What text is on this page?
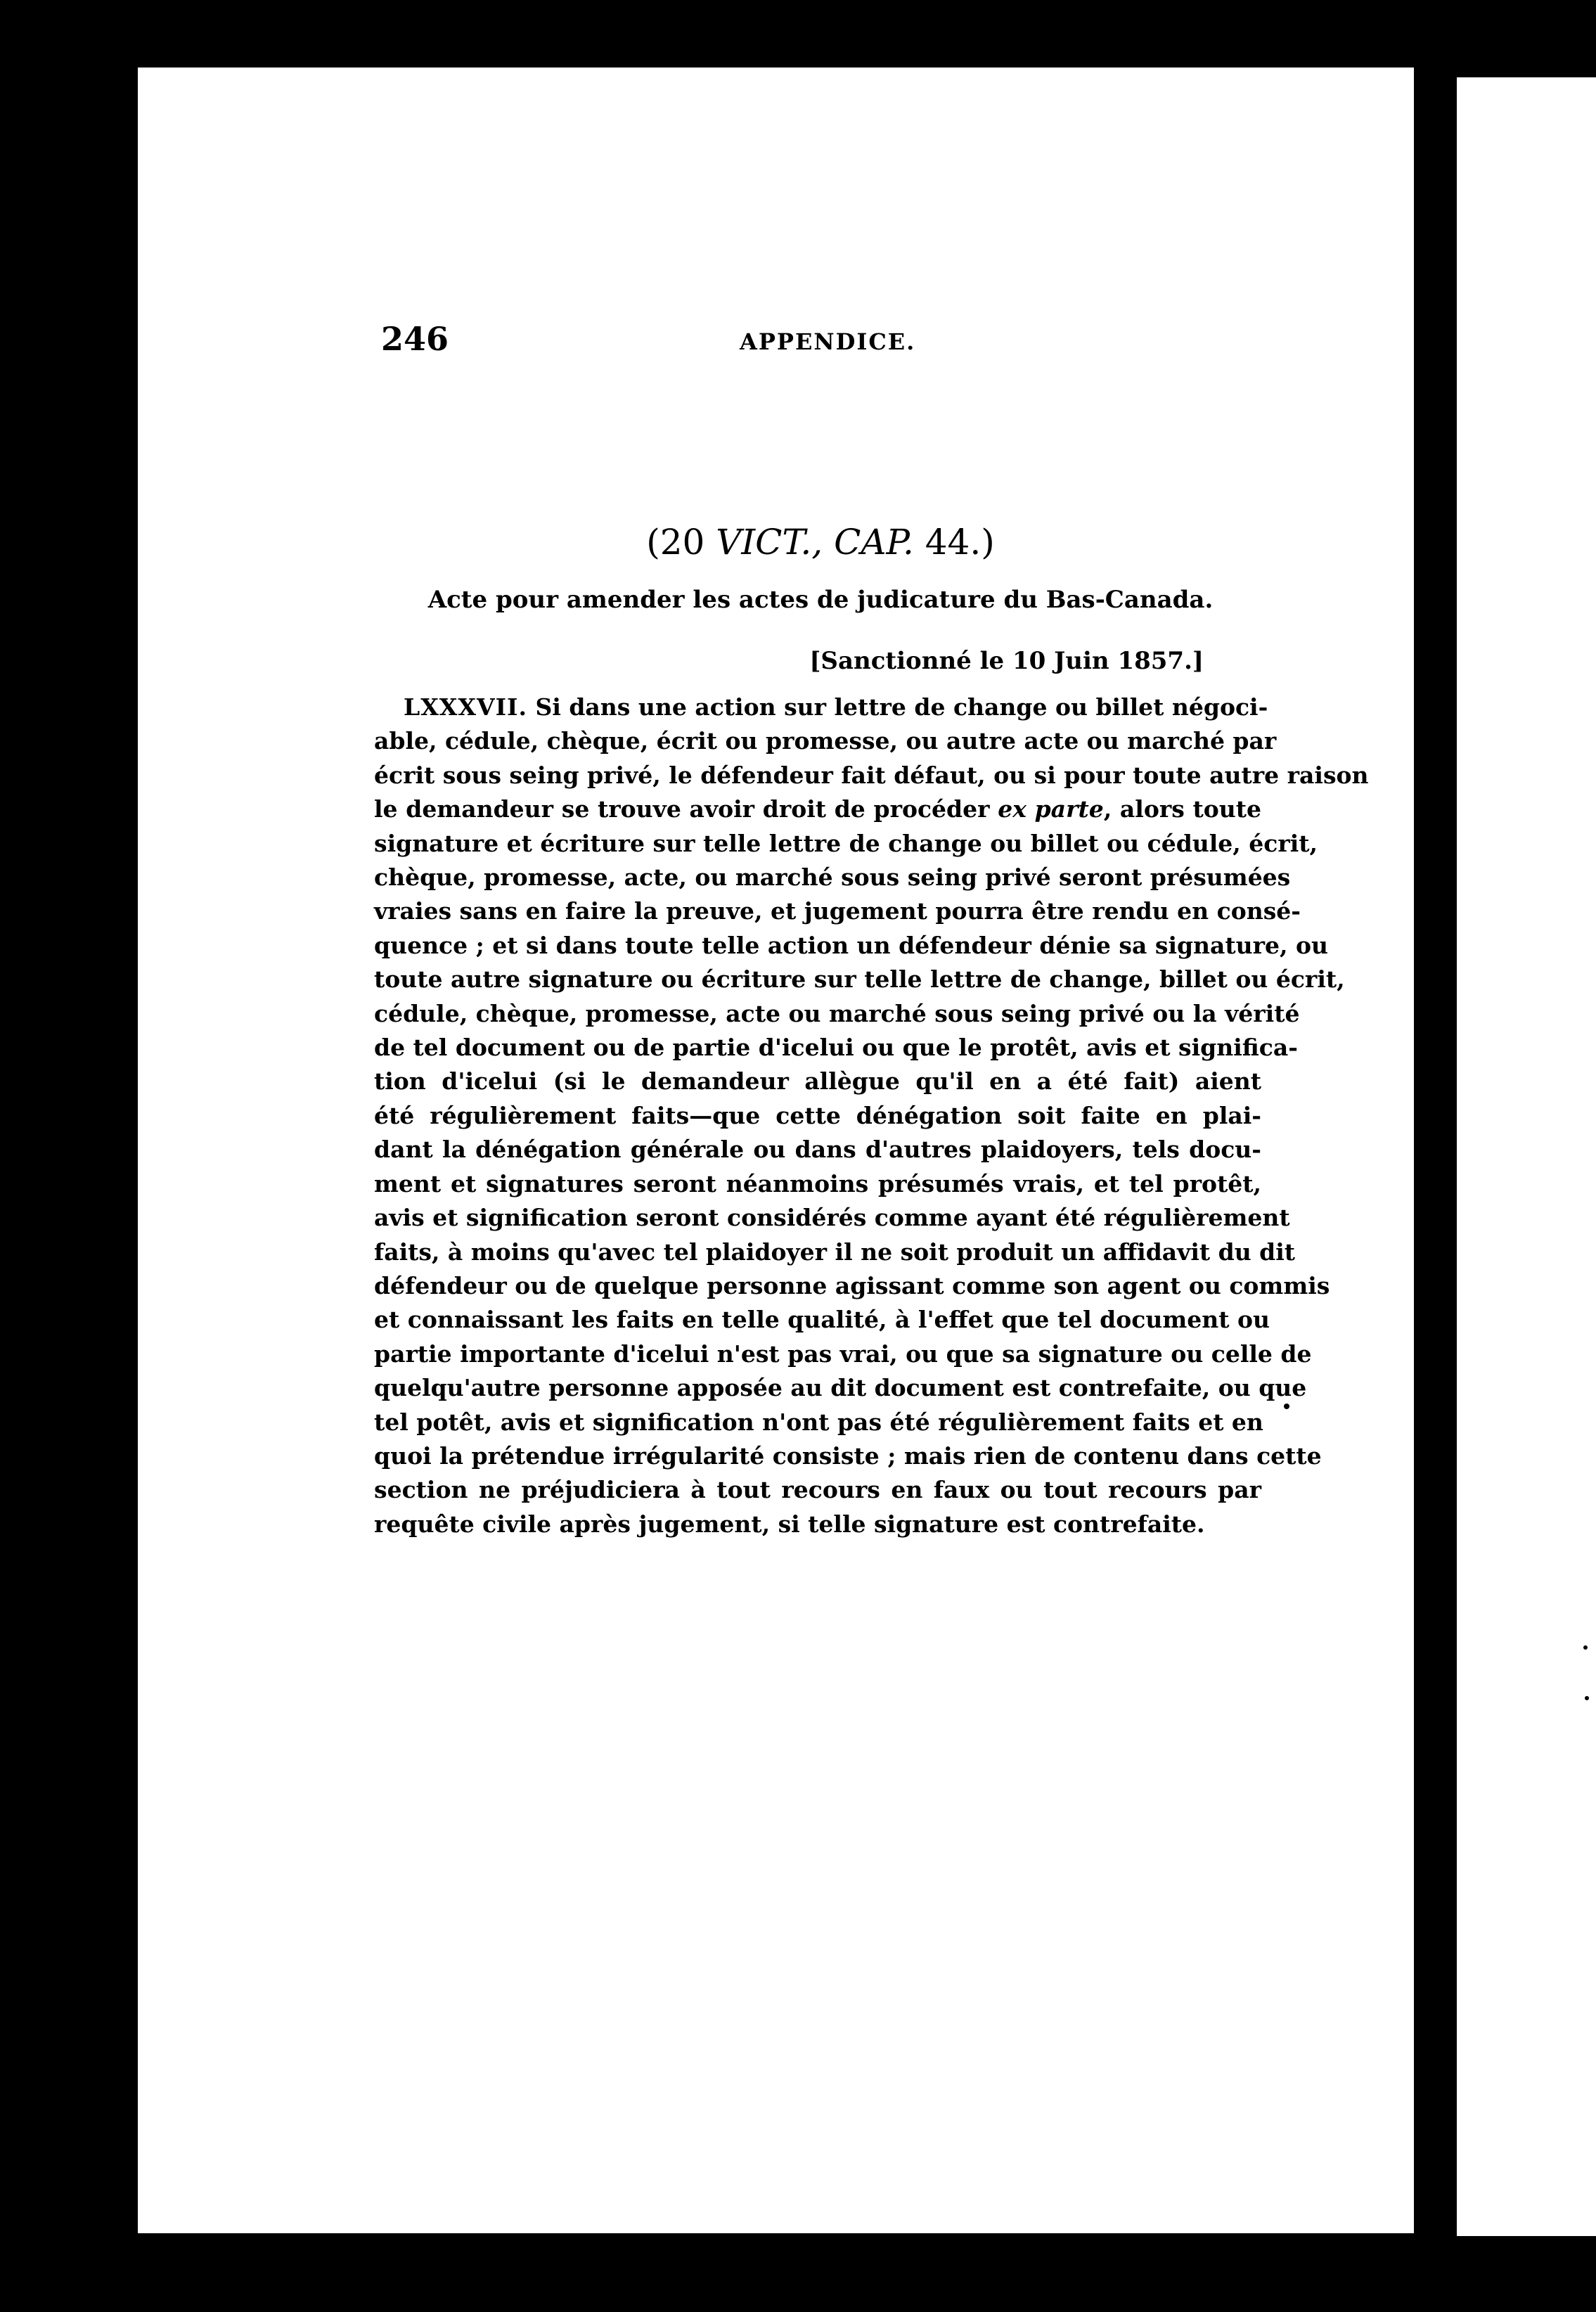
246	APPENDICE.
(20 VICT., CAP. 44.)
Acte pour amender les actes de judicature du Bas-Canada.
[Sanctionné le 10 Juin 1857.]
LXXXVII. Si dans une action sur lettre de change ou billet négoci-
able, cédule, chèque, écrit ou promesse, ou autre acte ou marché par
écrit sous seing privé, le défendeur fait défaut, ou si pour toute autre raison
le demandeur se trouve avoir droit de procéder ex parte, alors toute
signature et écriture sur telle lettre de change ou billet ou cédule, écrit,
chèque, promesse, acte, ou marché sous seing privé seront présumées
vraies sans en faire la preuve, et jugement pourra être rendu en consé-
quence ; et si dans toute telle action un défendeur dénie sa signature, ou
toute autre signature ou écriture sur telle lettre de change, billet ou écrit,
cédule, chèque, promesse, acte ou marché sous seing privé ou la vérité
de tel document ou de partie d'icelui ou que le protêt, avis et significa-
tion d'icelui (si le demandeur allègue qu'il en a été fait) aient
été régulièrement faits—que cette dénégation soit faite en plai-
dant la dénégation générale ou dans d'autres plaidoyers, tels docu-
ment et signatures seront néanmoins présumés vrais, et tel protêt,
avis et signification seront considérés comme ayant été régulièrement
faits, à moins qu'avec tel plaidoyer il ne soit produit un affidavit du dit
défendeur ou de quelque personne agissant comme son agent ou commis
et connaissant les faits en telle qualité, à l'effet que tel document ou
partie importante d'icelui n'est pas vrai, ou que sa signature ou celle de
quelqu'autre personne apposée au dit document est contrefaite, ou que
tel potêt, avis et signification n'ont pas été régulièrement faits et en
quoi la prétendue irrégularité consiste ; mais rien de contenu dans cette
section ne préjudiciera à tout recours en faux ou tout recours par
requête civile après jugement, si telle signature est contrefaite.
